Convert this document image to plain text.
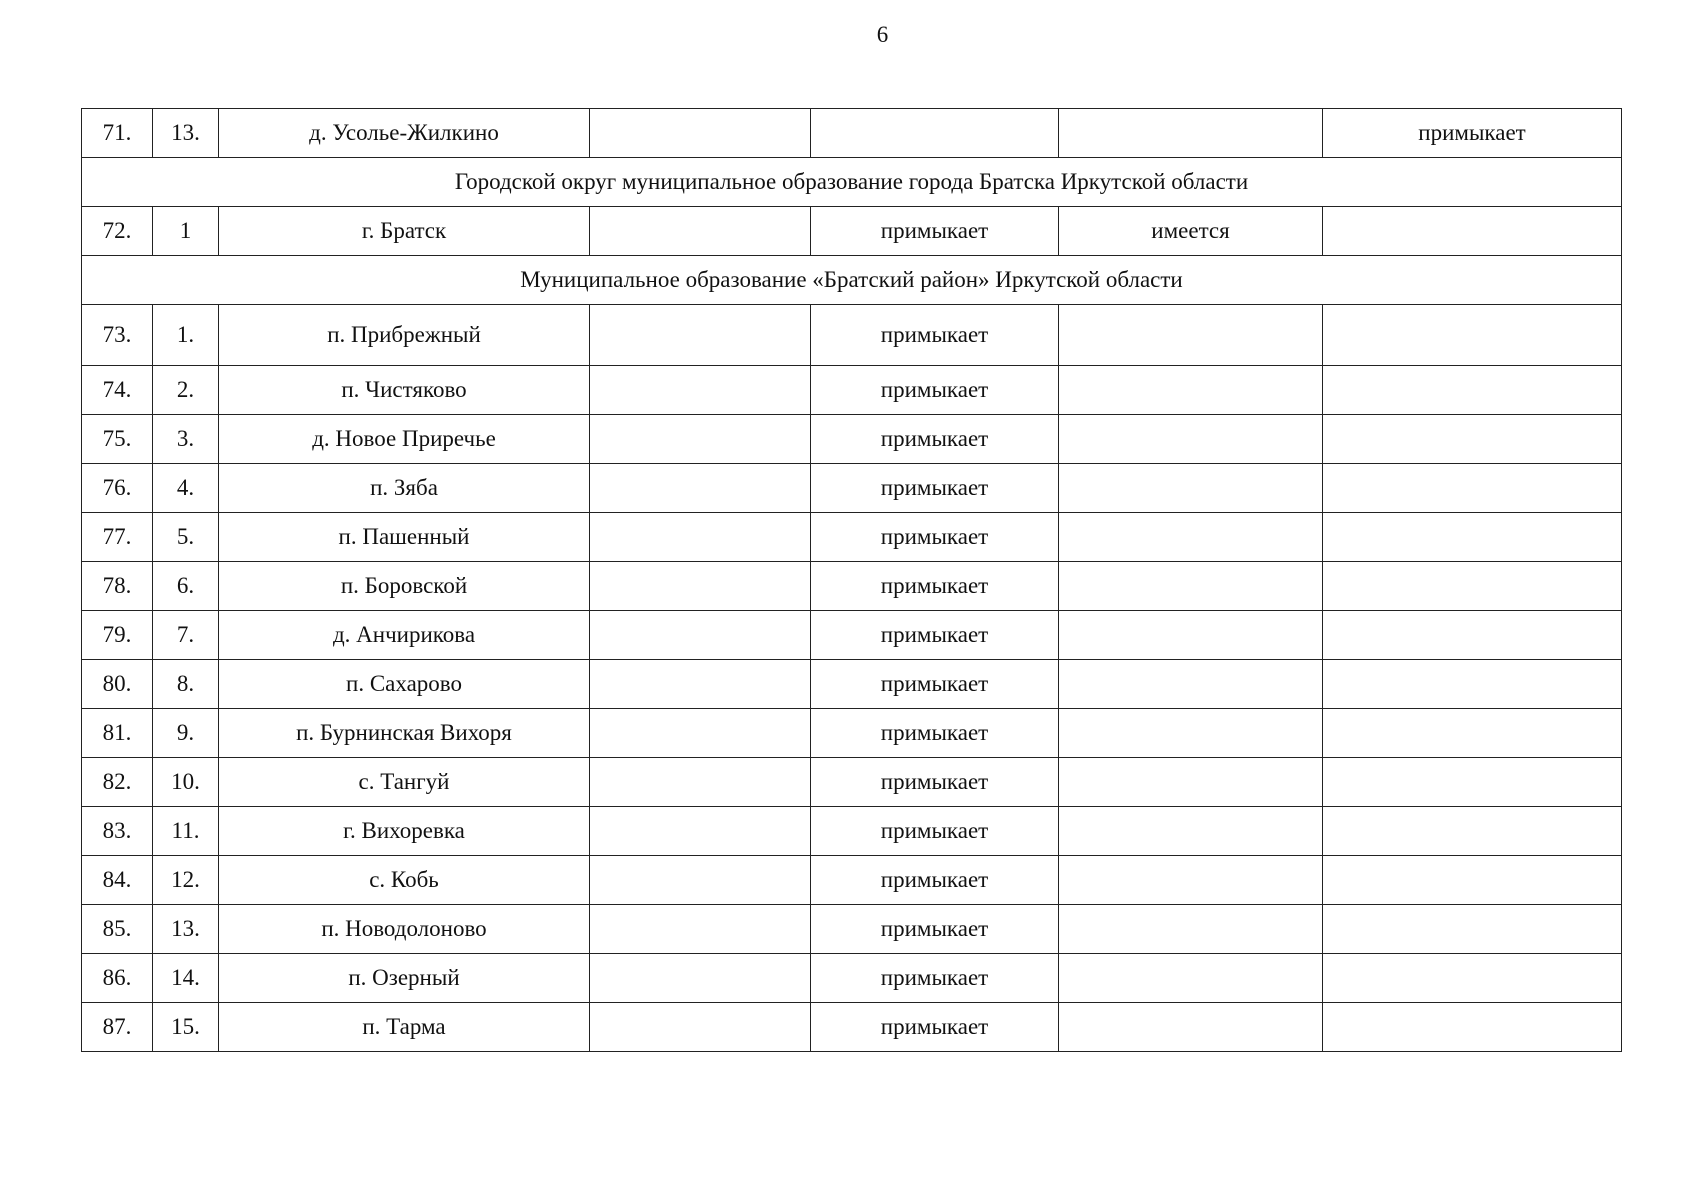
6
71.	13.	д. Усолье-Жилкино				примыкает
Городской округ муниципальное образование города Братска Иркутской области						
72.	1	г. Братск		примыкает	имеется	
Муниципальное образование «Братский район» Иркутской области						
73.	1.	п. Прибрежный		примыкает		
74.	2.	п. Чистяково		примыкает		
75.	3.	д. Новое Приречье		примыкает		
76.	4.	п. Зяба		примыкает		
77.	5.	п. Пашенный		примыкает		
78.	6.	п. Боровской		примыкает		
79.	7.	д. Анчирикова		примыкает		
80.	8.	п. Сахарово		примыкает		
81.	9.	п. Бурнинская Вихоря		примыкает		
82.	10.	с. Тангуй		примыкает		
83.	11.	г. Вихоревка		примыкает		
84.	12.	с. Кобь		примыкает		
85.	13.	п. Новодолоново		примыкает		
86.	14.	п. Озерный		примыкает		
87.	15.	п. Тарма		примыкает		
